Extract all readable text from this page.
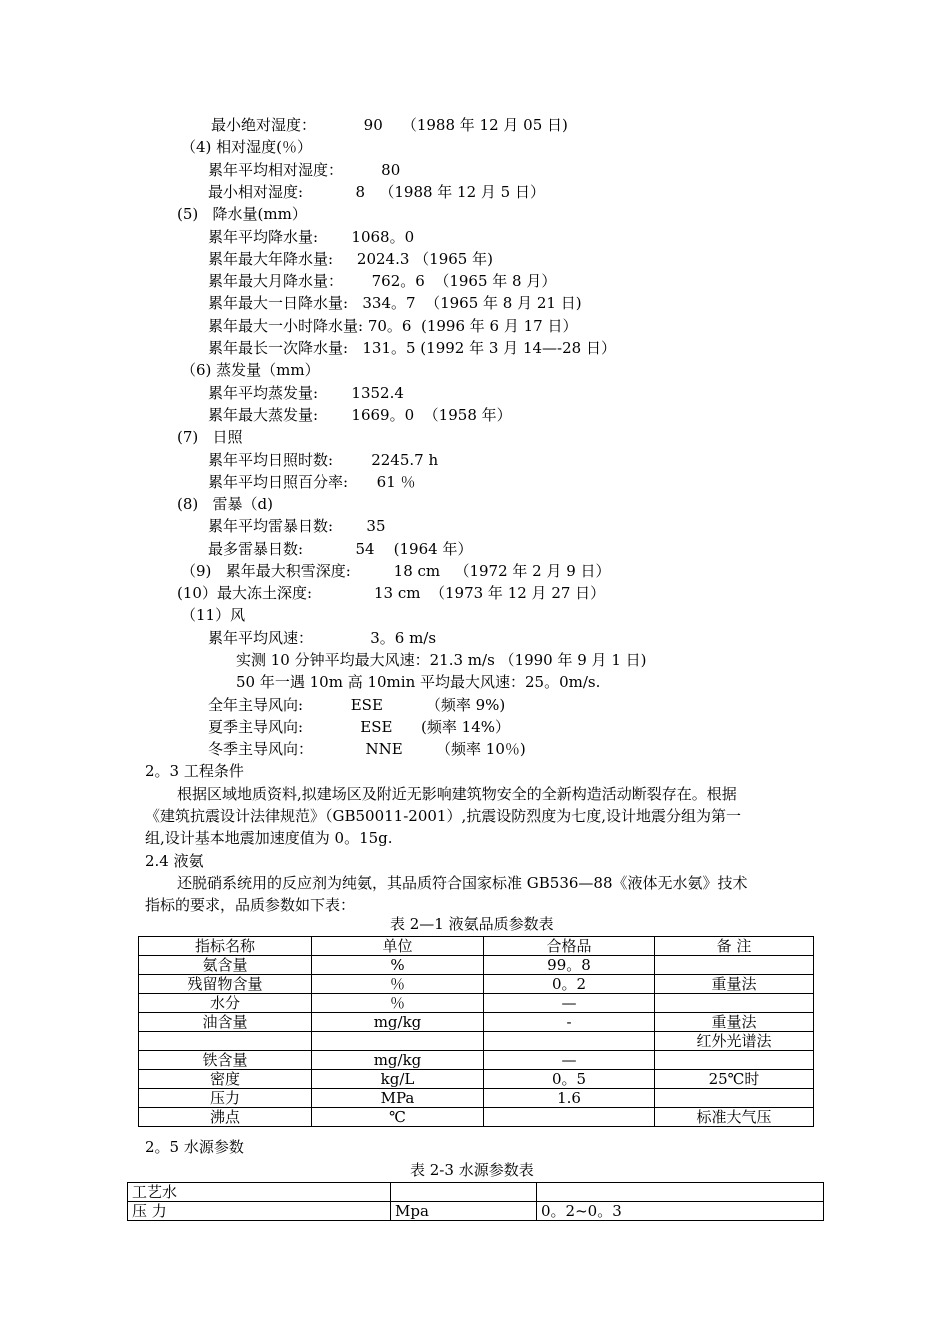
最小绝对湿度：          90    （1988 年 12 月 05 日)
（4) 相对湿度(％）
累年平均相对湿度：        80
最小相对湿度:           8   （1988 年 12 月 5 日）
(5)   降水量(mm）
累年平均降水量:       1068。0
累年最大年降水量:     2024.3 （1965 年)
累年最大月降水量：      762。6  （1965 年 8 月）
累年最大一日降水量:   334。7  （1965 年 8 月 21 日)
累年最大一小时降水量: 70。6  (1996 年 6 月 17 日）
累年最长一次降水量:   131。5 (1992 年 3 月 14—-28 日）
（6) 蒸发量（mm）
累年平均蒸发量:       1352.4
累年最大蒸发量:       1669。0  （1958 年）
(7)   日照
累年平均日照时数:        2245.7 h
累年平均日照百分率:      61 ％
(8)   雷暴（d)
累年平均雷暴日数:       35
最多雷暴日数:           54    (1964 年）
（9)   累年最大积雪深度:         18 cm   （1972 年 2 月 9 日）
(10）最大冻土深度:             13 cm  （1973 年 12 月 27 日）
（11）风
累年平均风速：            3。6 m/s
实测 10 分钟平均最大风速：21.3 m/s （1990 年 9 月 1 日)
50 年一遇 10m 高 10min 平均最大风速：25。0m/s.
全年主导风向:          ESE         （频率 9%)
夏季主导风向:            ESE      (频率 14%）
冬季主导风向：           NNE       （频率 10％)
2。3 工程条件
根据区域地质资料,拟建场区及附近无影响建筑物安全的全新构造活动断裂存在。根据
《建筑抗震设计法律规范》（GB50011-2001）,抗震设防烈度为七度,设计地震分组为第一
组,设计基本地震加速度值为 0。15g.
2.4 液氨
还脱硝系统用的反应剂为纯氨，其品质符合国家标准 GB536—88《液体无水氨》技术
指标的要求，品质参数如下表：
表 2—1 液氨品质参数表
指标名称	单位	合格品	备 注
氨含量	%	99。8	
残留物含量	％	0。2	重量法
水分	％	—	
油含量	mg/kg	-	重量法
			红外光谱法
铁含量	mg/kg	—	
密度	kg/L	0。5	25℃时
压力	MPa	1.6	
沸点	℃		标准大气压
2。5 水源参数
表 2-3 水源参数表
工艺水		
压 力	Mpa	0。2~0。3
